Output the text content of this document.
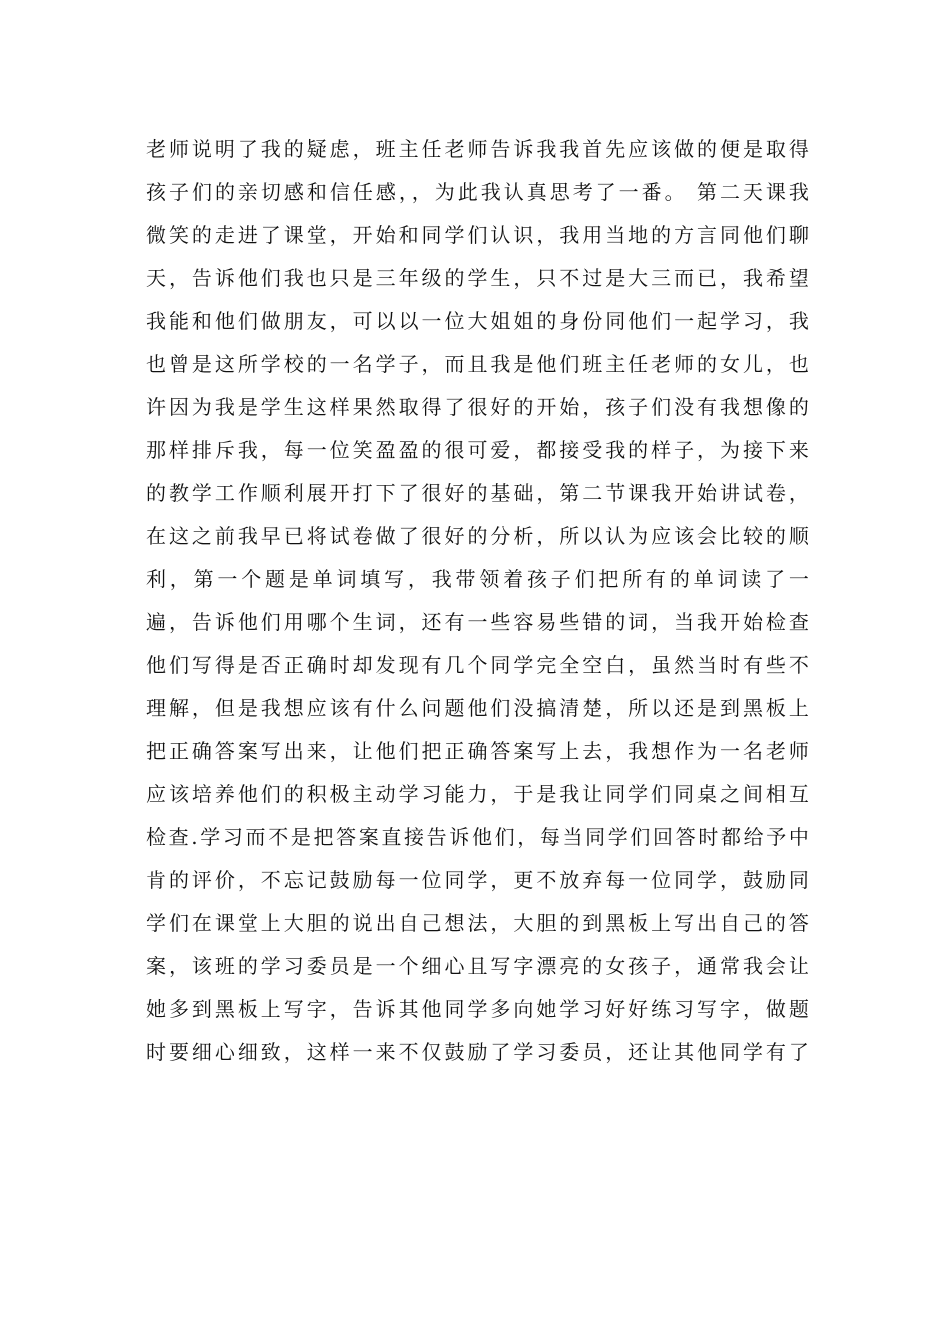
老师说明了我的疑虑，班主任老师告诉我我首先应该做的便是取得
孩子们的亲切感和信任感，，为此我认真思考了一番。 第二天课我
微笑的走进了课堂，开始和同学们认识，我用当地的方言同他们聊
天，告诉他们我也只是三年级的学生，只不过是大三而已，我希望
我能和他们做朋友，可以以一位大姐姐的身份同他们一起学习，我
也曾是这所学校的一名学子，而且我是他们班主任老师的女儿，也
许因为我是学生这样果然取得了很好的开始，孩子们没有我想像的
那样排斥我，每一位笑盈盈的很可爱，都接受我的样子，为接下来
的教学工作顺利展开打下了很好的基础，第二节课我开始讲试卷，
在这之前我早已将试卷做了很好的分析，所以认为应该会比较的顺
利，第一个题是单词填写，我带领着孩子们把所有的单词读了一
遍，告诉他们用哪个生词，还有一些容易些错的词，当我开始检查
他们写得是否正确时却发现有几个同学完全空白，虽然当时有些不
理解，但是我想应该有什么问题他们没搞清楚，所以还是到黑板上
把正确答案写出来，让他们把正确答案写上去，我想作为一名老师
应该培养他们的积极主动学习能力，于是我让同学们同桌之间相互
检查.学习而不是把答案直接告诉他们，每当同学们回答时都给予中
肯的评价，不忘记鼓励每一位同学，更不放弃每一位同学，鼓励同
学们在课堂上大胆的说出自己想法，大胆的到黑板上写出自己的答
案，该班的学习委员是一个细心且写字漂亮的女孩子，通常我会让
她多到黑板上写字，告诉其他同学多向她学习好好练习写字，做题
时要细心细致，这样一来不仅鼓励了学习委员，还让其他同学有了
